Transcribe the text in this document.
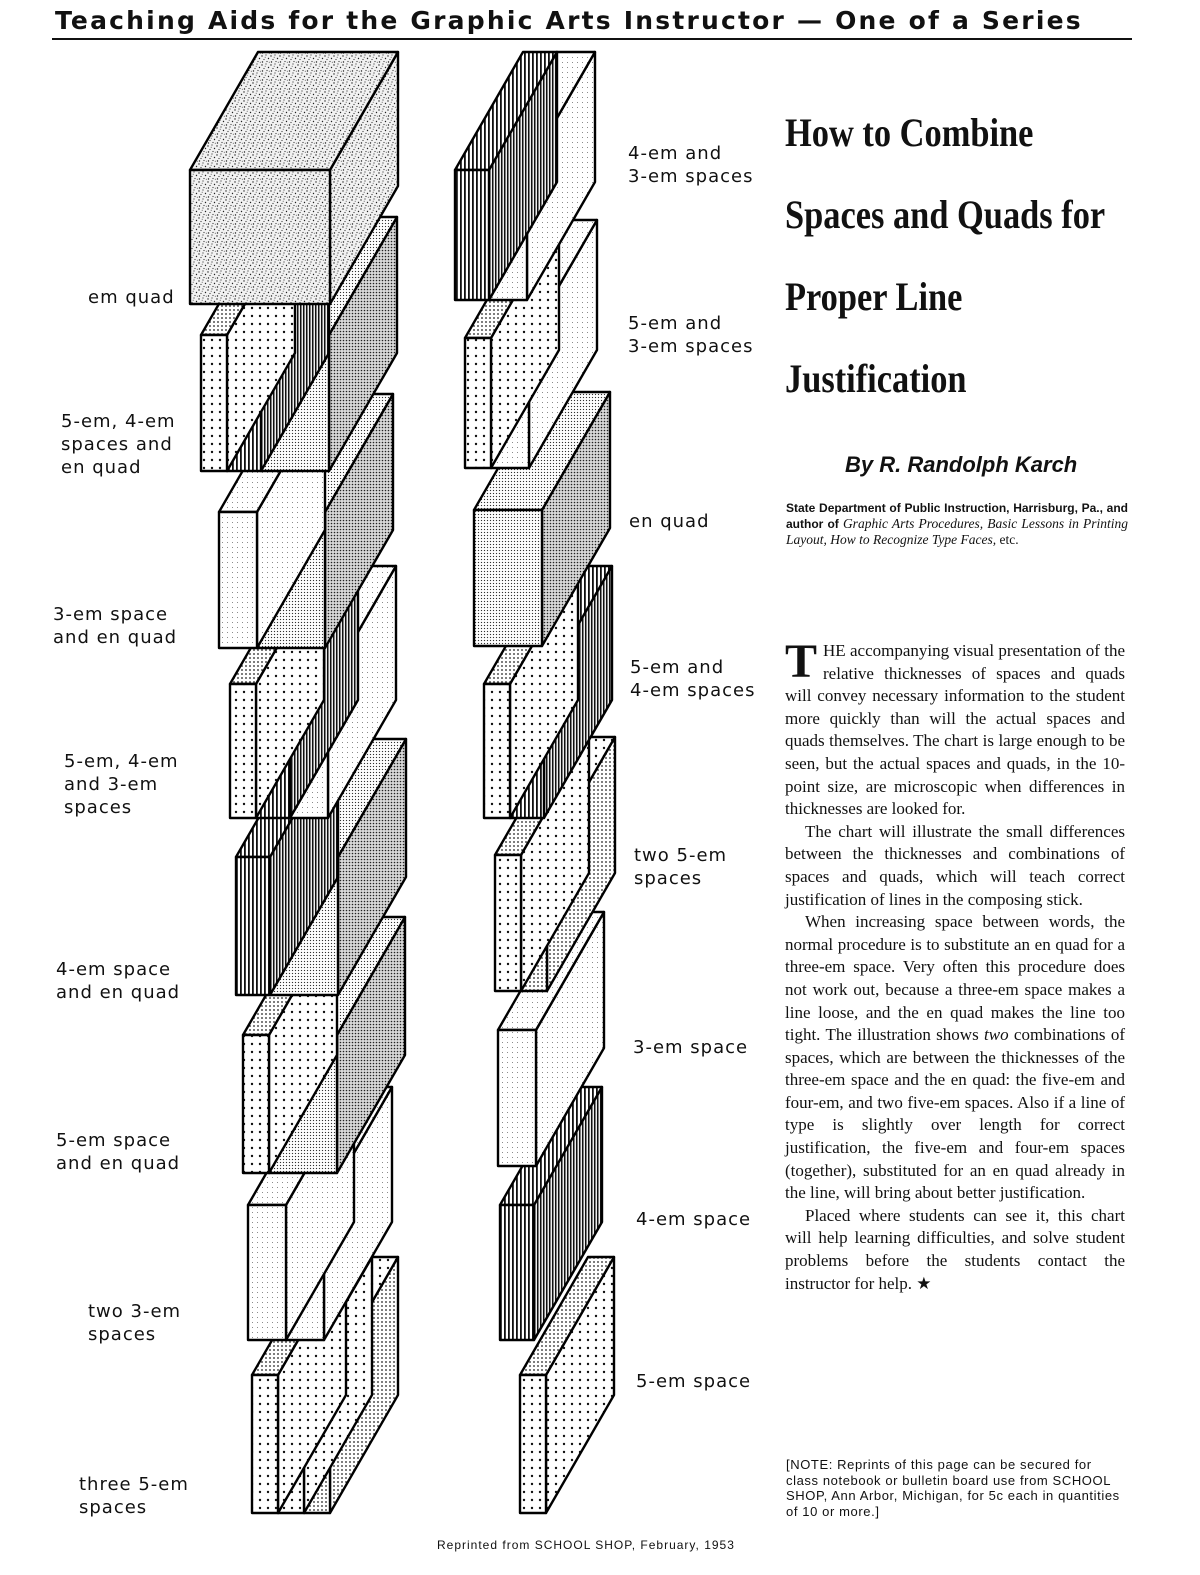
Teaching Aids for the Graphic Arts Instructor — One of a Series
em quad
5-em, 4-em
spaces and
en quad
3-em space
and en quad
5-em, 4-em
and 3-em
spaces
4-em space
and en quad
5-em space
and en quad
two 3-em
spaces
three 5-em
spaces
4-em and
3-em spaces
5-em and
3-em spaces
en quad
5-em and
4-em spaces
two 5-em
spaces
3-em space
4-em space
5-em space
How to Combine Spaces and Quads for Proper Line Justification
By R. Randolph Karch
State Department of Public Instruction, Harrisburg, Pa., and author of Graphic Arts Procedures, Basic Lessons in Printing Layout, How to Recognize Type Faces, etc.

THE accompanying visual presentation of the relative thicknesses of spaces and quads will convey necessary information to the student more quickly than will the actual spaces and quads themselves. The chart is large enough to be seen, but the actual spaces and quads, in the 10-point size, are microscopic when differences in thicknesses are looked for.

The chart will illustrate the small differences between the thicknesses and combinations of spaces and quads, which will teach correct justification of lines in the composing stick.

When increasing space between words, the normal procedure is to substitute an en quad for a three-em space. Very often this procedure does not work out, because a three-em space makes a line loose, and the en quad makes the line too tight. The illustration shows two combinations of spaces, which are between the thicknesses of the three-em space and the en quad: the five-em and four-em, and two five-em spaces. Also if a line of type is slightly over length for correct justification, the five-em and four-em spaces (together), substituted for an en quad already in the line, will bring about better justification.

Placed where students can see it, this chart will help learning difficulties, and solve student problems before the students contact the instructor for help. ★

[NOTE: Reprints of this page can be secured for class notebook or bulletin board use from SCHOOL SHOP, Ann Arbor, Michigan, for 5c each in quantities of 10 or more.]
Reprinted from SCHOOL SHOP, February, 1953
